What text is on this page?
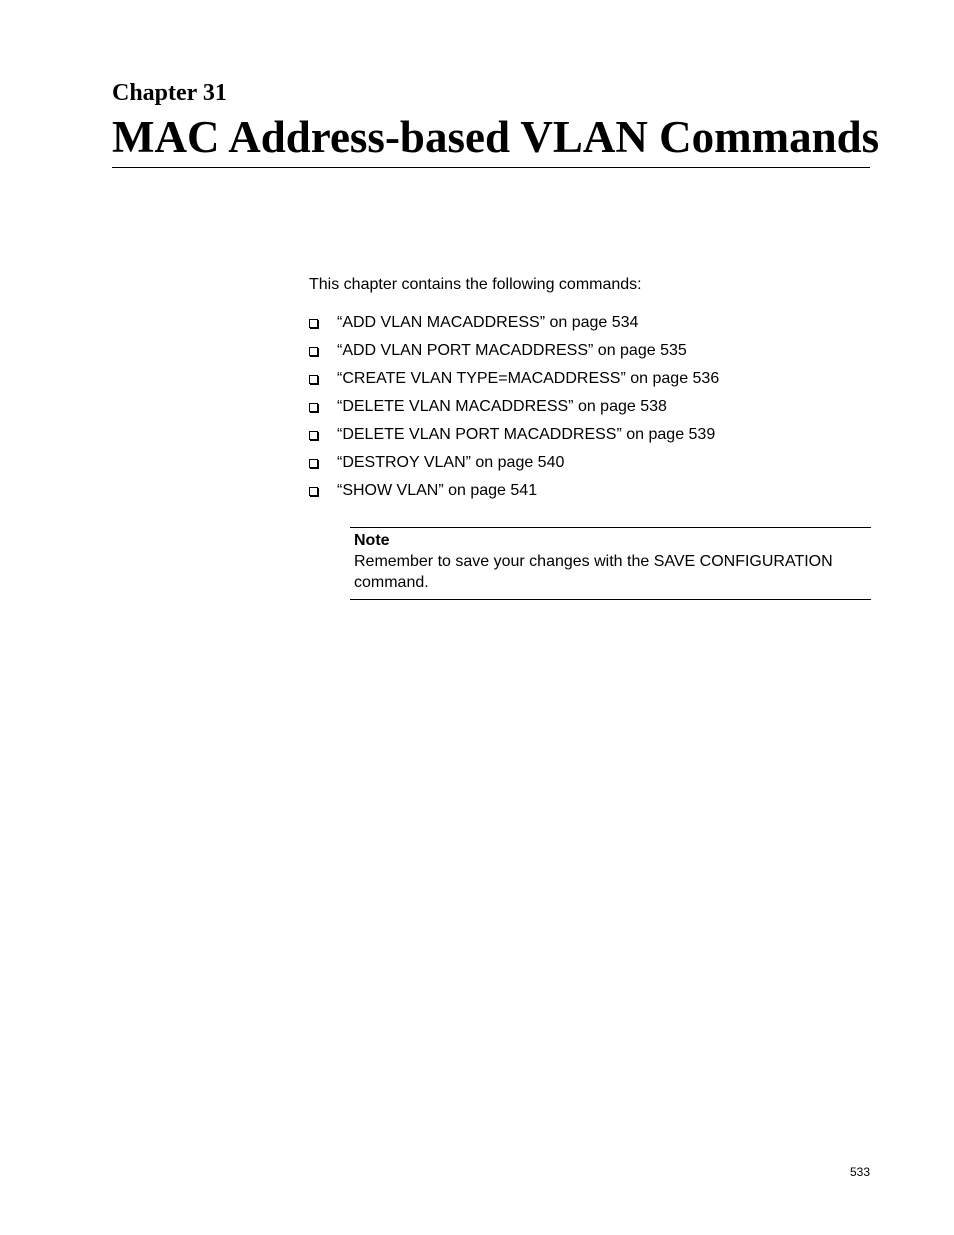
Chapter 31
MAC Address-based VLAN Commands
This chapter contains the following commands:
“ADD VLAN MACADDRESS” on page 534
“ADD VLAN PORT MACADDRESS” on page 535
“CREATE VLAN TYPE=MACADDRESS” on page 536
“DELETE VLAN MACADDRESS” on page 538
“DELETE VLAN PORT MACADDRESS” on page 539
“DESTROY VLAN” on page 540
“SHOW VLAN” on page 541
Note
Remember to save your changes with the SAVE CONFIGURATION command.
533
